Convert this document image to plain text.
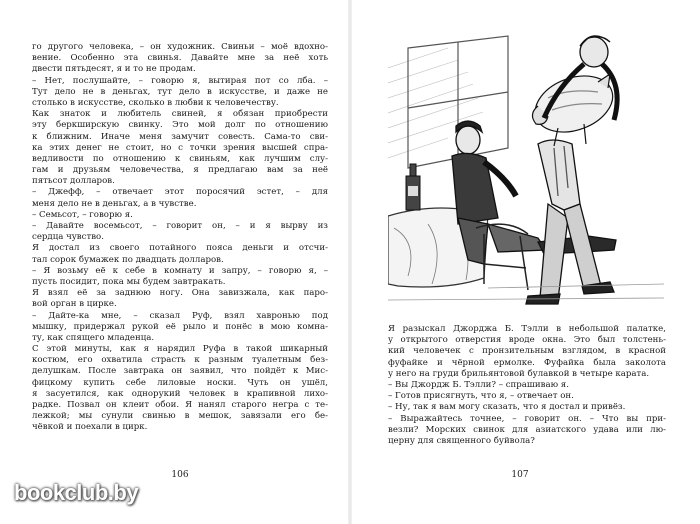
го другого человека, – он художник. Свиньи – моё вдохно-
вение. Особенно эта свинья. Давайте мне за неё хоть
двести пятьдесят, я и то не продам.
– Нет, послушайте, – говорю я, вытирая пот со лба. –
Тут дело не в деньгах, тут дело в искусстве, и даже не
столько в искусстве, сколько в любви к человечеству.
Как знаток и любитель свиней, я обязан приобрести
эту беркширскую свинку. Это мой долг по отношению
к ближним. Иначе меня замучит совесть. Сама-то сви-
ка этих денег не стоит, но с точки зрения высшей спра-
ведливости по отношению к свиньям, как лучшим слу-
гам и друзьям человечества, я предлагаю вам за неё
пятьсот долларов.
– Джефф, – отвечает этот поросячий эстет, – для
меня дело не в деньгах, а в чувстве.
– Семьсот, – говорю я.
– Давайте восемьсот, – говорит он, – и я вырву из
сердца чувство.
Я достал из своего потайного пояса деньги и отсчи-
тал сорок бумажек по двадцать долларов.
– Я возьму её к себе в комнату и запру, – говорю я, –
пусть посидит, пока мы будем завтракать.
Я взял её за заднюю ногу. Она завизжала, как паро-
вой орган в цирке.
– Дайте-ка мне, – сказал Руф, взял хавронью под
мышку, придержал рукой её рыло и понёс в мою комна-
ту, как спящего младенца.
С этой минуты, как я нарядил Руфа в такой шикарный
костюм, его охватила страсть к разным туалетным без-
делушкам. После завтрака он заявил, что пойдёт к Мис-
фицкому купить себе лиловые носки. Чуть он ушёл,
я засуетился, как однорукий человек в крапивной лихо-
радке. Позвал он клеит обои. Я нанял старого негра с те-
лежкой; мы сунули свинью в мешок, завязали его бе-
чёвкой и поехали в цирк.
106
Я разыскал Джорджа Б. Тэлли в небольшой палатке,
у открытого отверстия вроде окна. Это был толстень-
кий человечек с пронзительным взглядом, в красной
фуфайке и чёрной ермолке. Фуфайка была заколота
у него на груди брильянтовой булавкой в четыре карата.
– Вы Джордж Б. Тэлли? – спрашиваю я.
– Готов присягнуть, что я, – отвечает он.
– Ну, так я вам могу сказать, что я достал и привёз.
– Выражайтесь точнее, – говорит он. – Что вы при-
везли? Морских свинок для азиатского удава или лю-
церну для священного буйвола?
107
bookclub.by
